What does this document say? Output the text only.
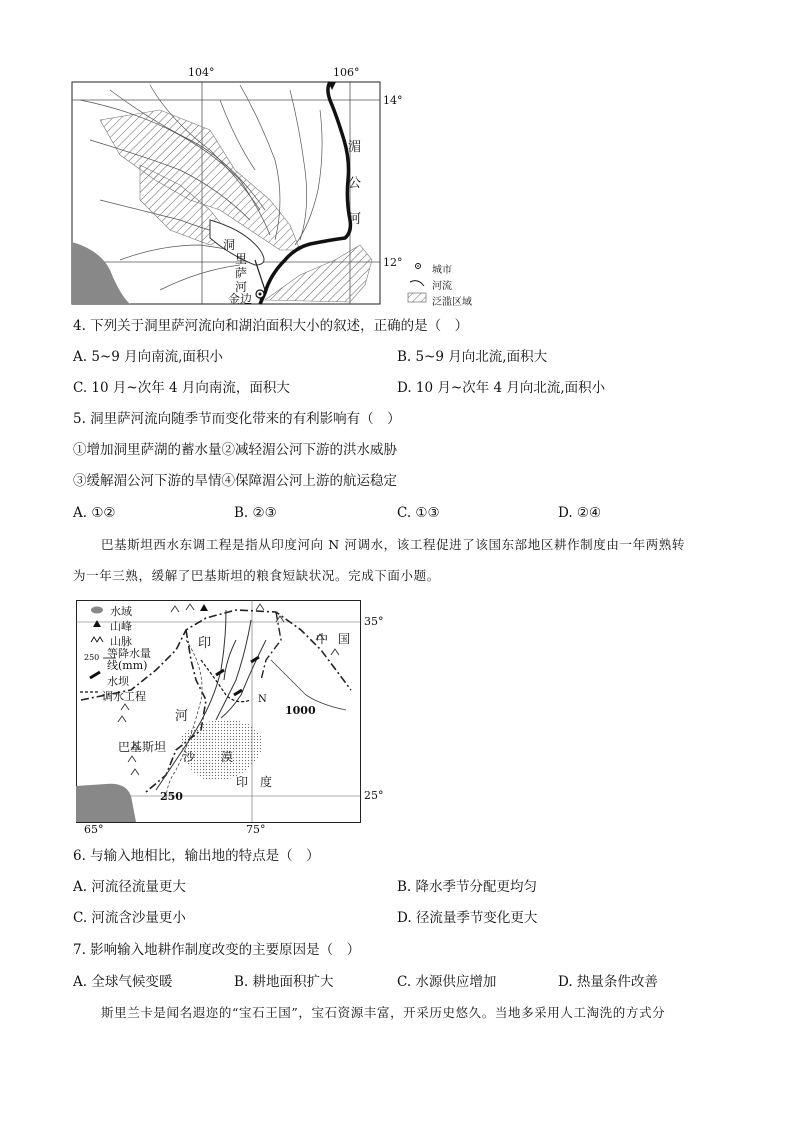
104°	106°
14°
12°
湄
公
河
洞
里
萨
河
金边
城市
河流
泛滥区域
4. 下列关于洞里萨河流向和湖泊面积大小的叙述，正确的是（　）
A. 5~9 月向南流,面积小	B. 5~9 月向北流,面积大
C. 10 月~次年 4 月向南流，面积大	D. 10 月~次年 4 月向北流,面积小
5. 洞里萨河流向随季节而变化带来的有利影响有（　）
①增加洞里萨湖的蓄水量②减轻湄公河下游的洪水威胁
③缓解湄公河下游的旱情④保障湄公河上游的航运稳定
A. ①②	B. ②③	C. ①③	D. ②④
巴基斯坦西水东调工程是指从印度河向 N 河调水，该工程促进了该国东部地区耕作制度由一年两熟转
为一年三熟，缓解了巴基斯坦的粮食短缺状况。完成下面小题。
水域
山峰
山脉
250 等降水量线(mm)
水坝
调水工程
印
河
中国
N
1000
巴基斯坦
沙 漠
印　度
250
35°
25°
65°	75°
6. 与输入地相比，输出地的特点是（　）
A. 河流径流量更大	B. 降水季节分配更均匀
C. 河流含沙量更小	D. 径流量季节变化更大
7. 影响输入地耕作制度改变的主要原因是（　）
A. 全球气候变暖	B. 耕地面积扩大	C. 水源供应增加	D. 热量条件改善
斯里兰卡是闻名遐迩的“宝石王国”，宝石资源丰富，开采历史悠久。当地多采用人工淘洗的方式分
